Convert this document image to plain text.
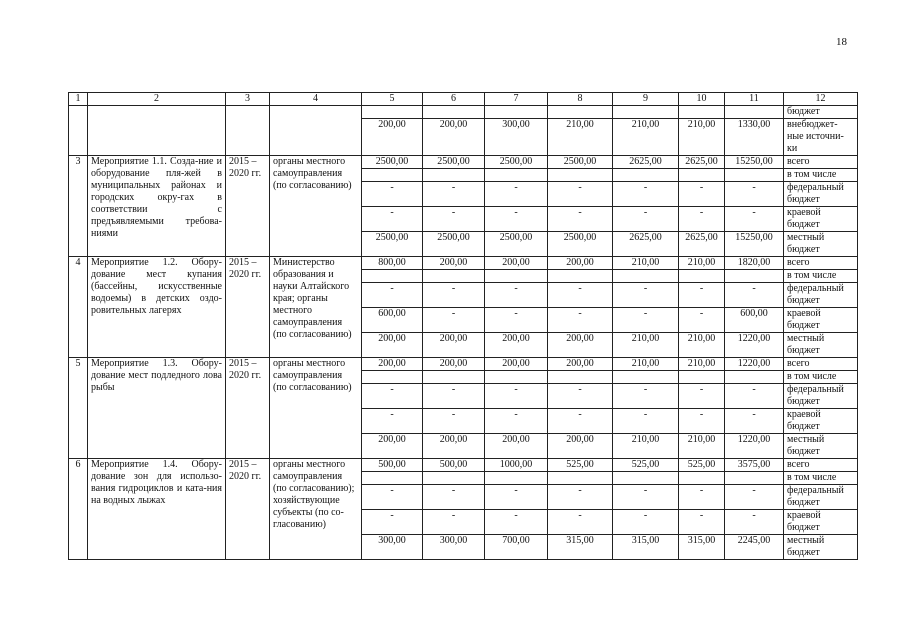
18
1	2	3	4	5	6	7	8	9	10	11	12
											бюджет
				200,00	200,00	300,00	210,00	210,00	210,00	1330,00	внебюджет-ные источни-ки
3	Мероприятие 1.1. Созда-ние и оборудование пля-жей в муниципальных районах и городских окру-гах в соответствии с предъявляемыми требова-ниями	2015 – 2020 гг.	органы местного самоуправления (по согласованию)	2500,00	2500,00	2500,00	2500,00	2625,00	2625,00	15250,00	всего
											в том числе
				-	-	-	-	-	-	-	федеральный бюджет
				-	-	-	-	-	-	-	краевой бюджет
				2500,00	2500,00	2500,00	2500,00	2625,00	2625,00	15250,00	местный бюджет
4	Мероприятие 1.2. Обору-дование мест купания (бассейны, искусственные водоемы) в детских оздо-ровительных лагерях	2015 – 2020 гг.	Министерство образования и науки Алтайского края; органы местного самоуправления (по согласованию)	800,00	200,00	200,00	200,00	210,00	210,00	1820,00	всего
											в том числе
				-	-	-	-	-	-	-	федеральный бюджет
				600,00	-	-	-	-	-	600,00	краевой бюджет
				200,00	200,00	200,00	200,00	210,00	210,00	1220,00	местный бюджет
5	Мероприятие 1.3. Обору-дование мест подледного лова рыбы	2015 – 2020 гг.	органы местного самоуправления (по согласованию)	200,00	200,00	200,00	200,00	210,00	210,00	1220,00	всего
											в том числе
				-	-	-	-	-	-	-	федеральный бюджет
				-	-	-	-	-	-	-	краевой бюджет
				200,00	200,00	200,00	200,00	210,00	210,00	1220,00	местный бюджет
6	Мероприятие 1.4. Обору-дование зон для использо-вания гидроциклов и ката-ния на водных лыжах	2015 – 2020 гг.	органы местного самоуправления (по согласованию); хозяйствующие субъекты (по со-гласованию)	500,00	500,00	1000,00	525,00	525,00	525,00	3575,00	всего
											в том числе
				-	-	-	-	-	-	-	федеральный бюджет
				-	-	-	-	-	-	-	краевой бюджет
				300,00	300,00	700,00	315,00	315,00	315,00	2245,00	местный бюджет
